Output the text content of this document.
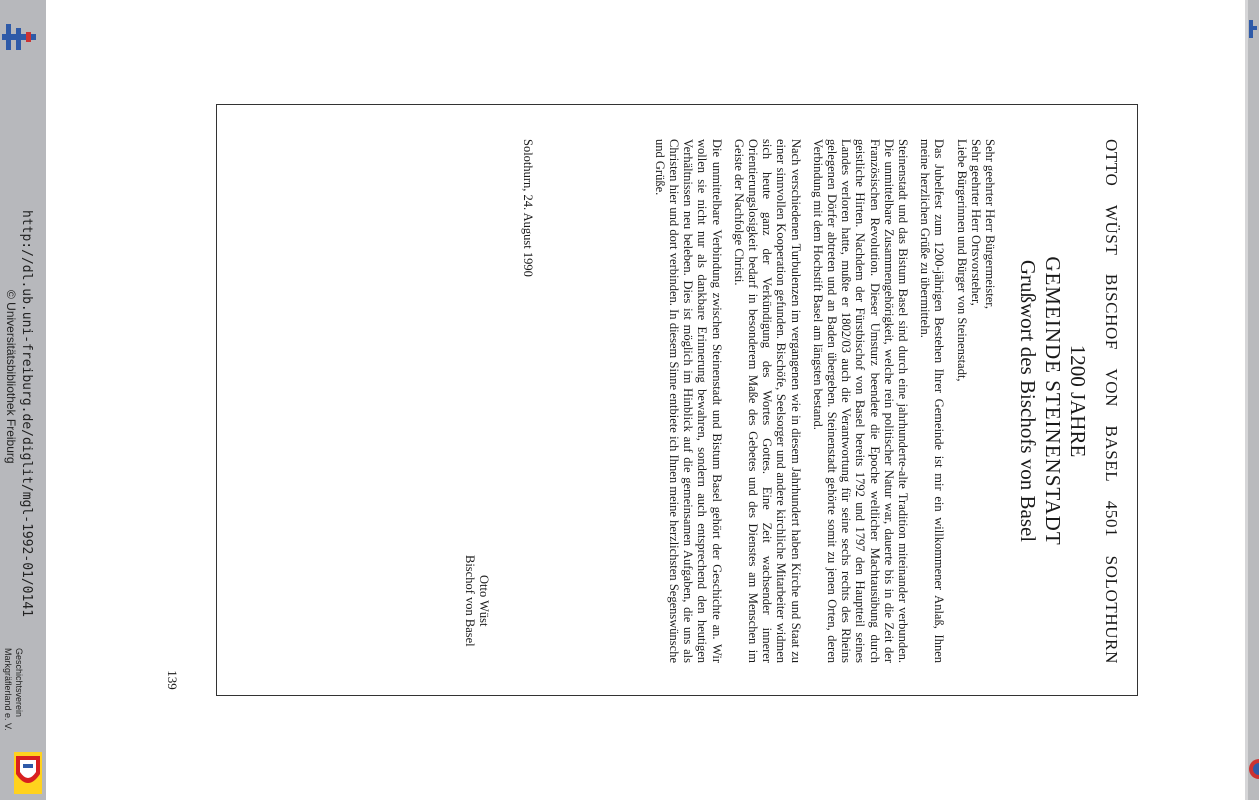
http://dl.ub.uni-freiburg.de/diglit/mgl-1992-01/0141
© Universitätsbibliothek Freiburg
Geschichtsverein
Markgräflerland e. V.
OTTO
WÜST
BISCHOF
VON
BASEL
4501
SOLOTHURN
1200 JAHRE
GEMEINDE STEINENSTADT
Grußwort des Bischofs von Basel

Sehr geehrter Herr Bürgermeister,
Sehr geehrter Herr Ortsvorsteher,
Liebe Bürgerinnen und Bürger von Steinenstadt,

Das Jubelfest zum 1200-jährigen Bestehen Ihrer Gemeinde ist mir ein willkommener Anlaß, Ihnen meine herzlichen Grüße zu übermitteln.

Steinenstadt und das Bistum Basel sind durch eine jahrhunderte-alte Tradition miteinander verbunden. Die unmittelbare Zusammengehörigkeit, welche rein politischer Natur war, dauerte bis in die Zeit der Französischen Revolution. Dieser Umsturz beendete die Epoche weltlicher Machtausübung durch geistliche Hirten. Nachdem der Fürstbischof von Basel bereits 1792 und 1797 den Hauptteil seines Landes verloren hatte, mußte er 1802/03 auch die Verantwortung für seine sechs rechts des Rheins gelegenen Dörfer abtreten und an Baden übergeben. Steinenstadt gehörte somit zu jenen Orten, deren Verbindung mit dem Hochstift Basel am längsten bestand.

Nach verschiedenen Turbulenzen im vergangenen wie in diesem Jahrhundert haben Kirche und Staat zu einer sinnvollen Kooperation gefunden. Bischöfe, Seelsorger und andere kirchliche Mitarbeiter widmen sich heute ganz der Verkündigung des Wortes Gottes. Eine Zeit wachsender innerer Orientierungslosigkeit bedarf in besonderem Maße des Gebetes und des Dienstes am Menschen im Geiste der Nachfolge Christi.

Die unmittelbare Verbindung zwischen Steinenstadt und Bistum Basel gehört der Geschichte an. Wir wollen sie nicht nur als dankbare Erinnerung bewahren, sondern auch entsprechend den heutigen Verhältnissen neu beleben. Dies ist möglich im Hinblick auf die gemeinsamen Aufgaben, die uns als Christen hier und dort verbinden. In diesem Sinne entbiete ich Ihnen meine herzlichsten Segenswünsche und Grüße.

Solothurn, 24. August 1990
Otto Wüst
Bischof von Basel
139
